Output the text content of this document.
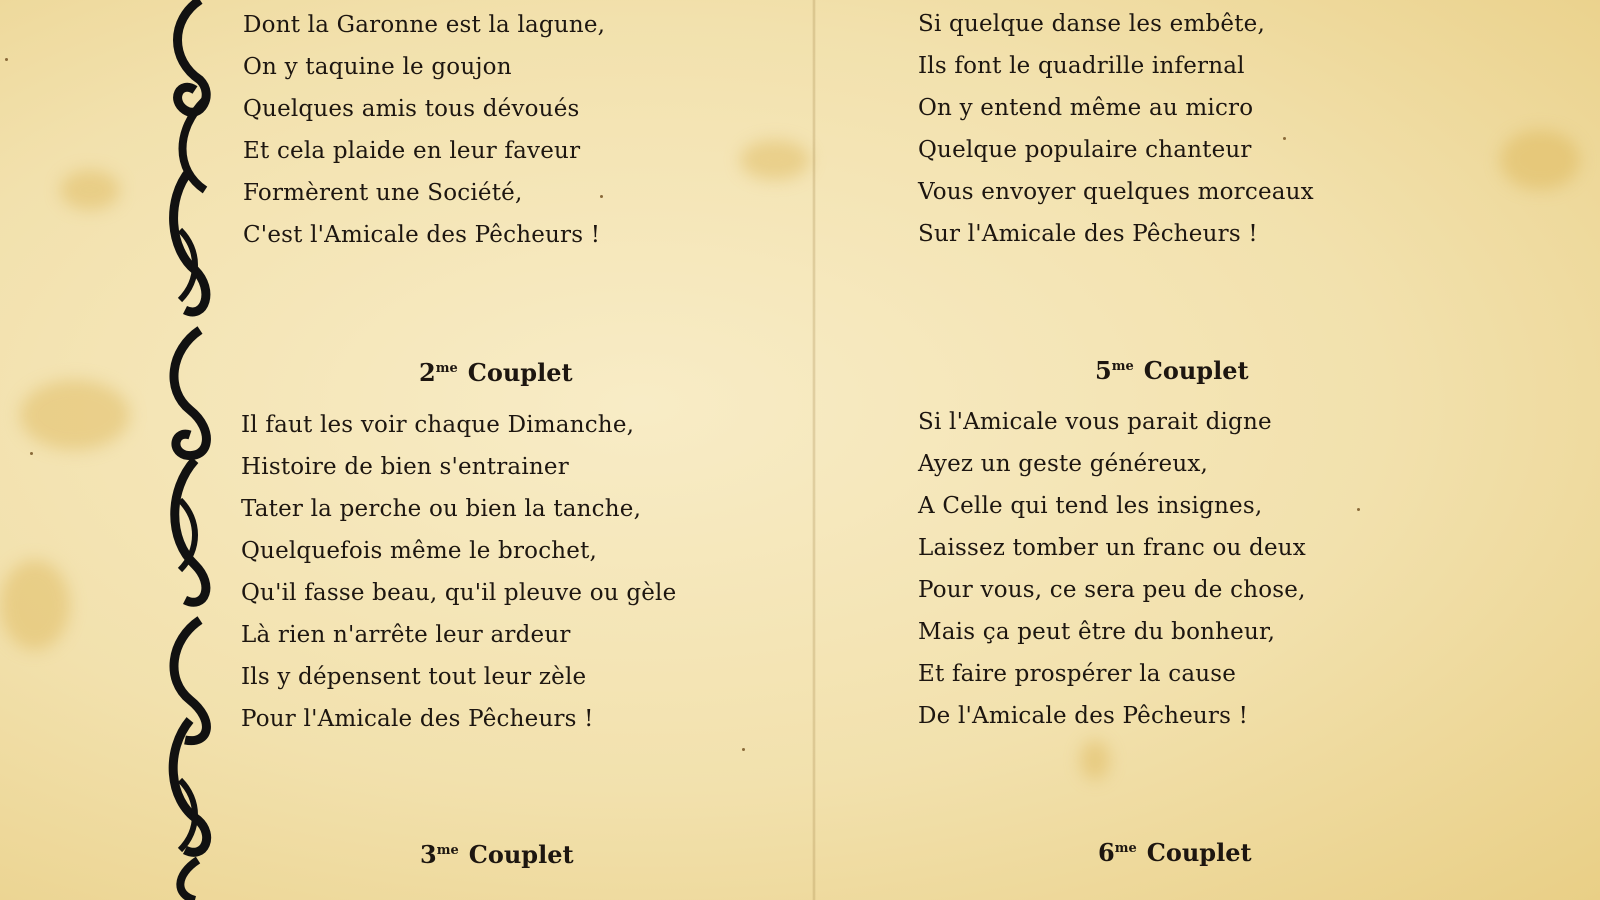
Dont la Garonne est la lagune,
On y taquine le goujon
Quelques amis tous dévoués
Et cela plaide en leur faveur
Formèrent une Société,
C'est l'Amicale des Pêcheurs !
$2^{me}$ Couplet
Il faut les voir chaque Dimanche,
Histoire de bien s'entrainer
Tater la perche ou bien la tanche,
Quelquefois même le brochet,
Qu'il fasse beau, qu'il pleuve ou gèle
Là rien n'arrête leur ardeur
Ils y dépensent tout leur zèle
Pour l'Amicale des Pêcheurs !
$3^{me}$ Couplet
Si quelque danse les embête,
Ils font le quadrille infernal
On y entend même au micro
Quelque populaire chanteur
Vous envoyer quelques morceaux
Sur l'Amicale des Pêcheurs !
$5^{me}$ Couplet
Si l'Amicale vous parait digne
Ayez un geste généreux,
A Celle qui tend les insignes,
Laissez tomber un franc ou deux
Pour vous, ce sera peu de chose,
Mais ça peut être du bonheur,
Et faire prospérer la cause
De l'Amicale des Pêcheurs !
$6^{me}$ Couplet
